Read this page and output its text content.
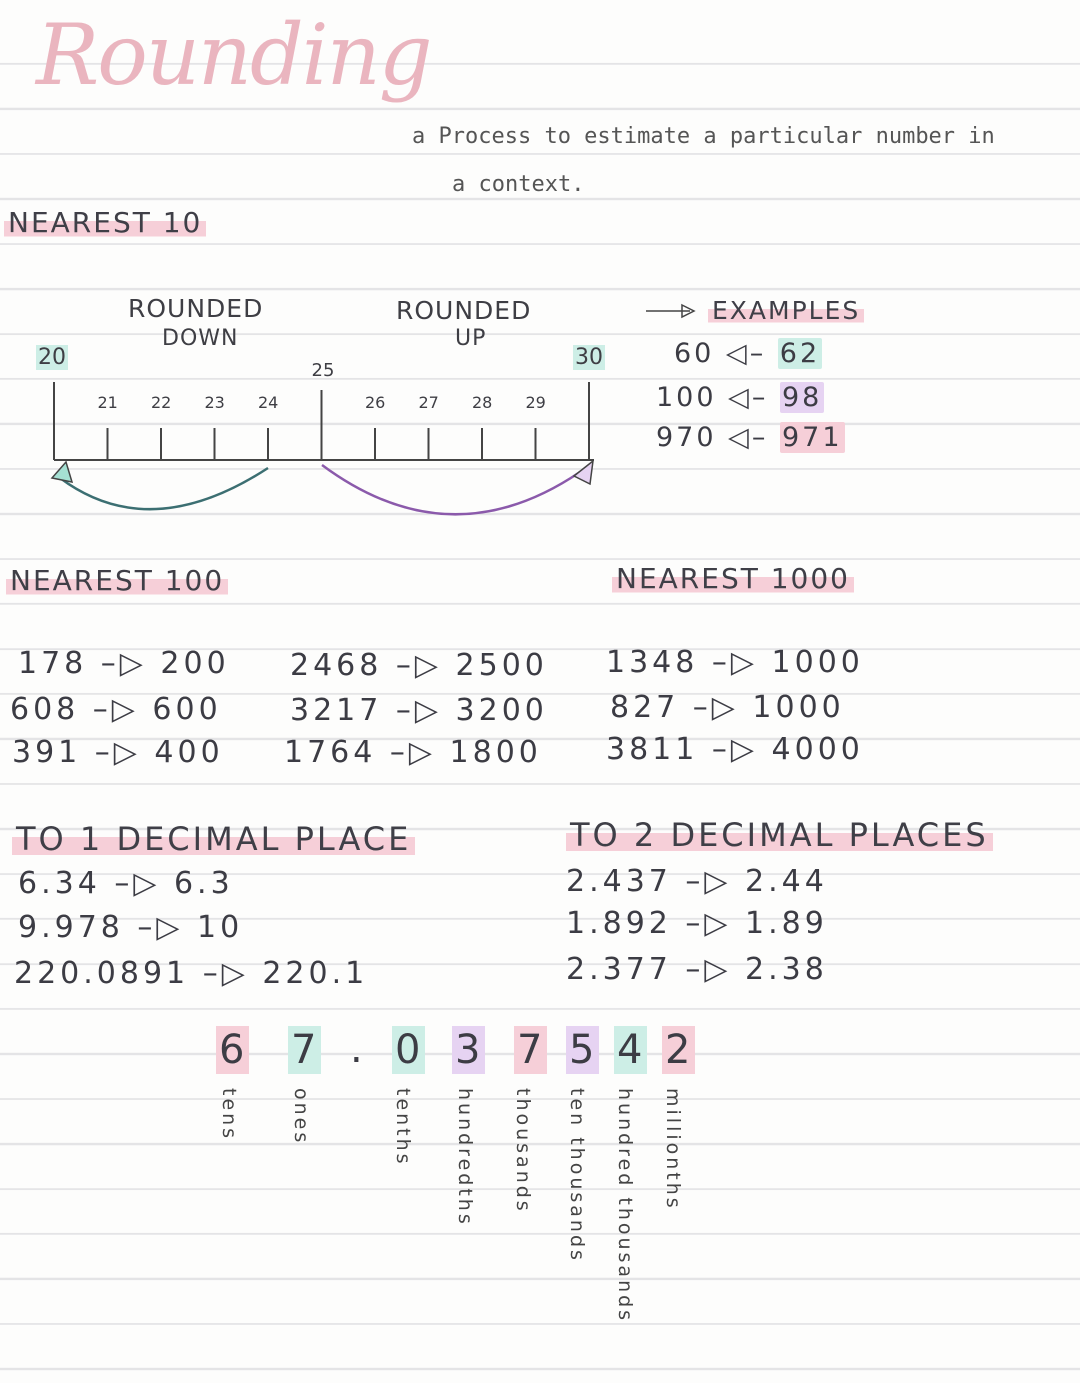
Rounding
a Process to estimate a particular number in
a context.
NEAREST 10
ROUNDED
DOWN
ROUNDED
UP
20
21 22 23 24
25
26 27 28 29
30
EXAMPLES
60 ◁– 62
100 ◁– 98
970 ◁– 971
NEAREST 100
178 –▷ 200
608 –▷ 600
391 –▷ 400
2468 –▷ 2500
3217 –▷ 3200
1764 –▷ 1800
NEAREST 1000
1348 –▷ 1000
827 –▷ 1000
3811 –▷ 4000
TO 1 DECIMAL PLACE
6.34 –▷ 6.3
9.978 –▷ 10
220.0891 –▷ 220.1
TO 2 DECIMAL PLACES
2.437 –▷ 2.44
1.892 –▷ 1.89
2.377 –▷ 2.38
6 7 . 0 3 7 5 4 2
tens	ones	tenths hundredths thousands ten thousands hundred thousands millionths
